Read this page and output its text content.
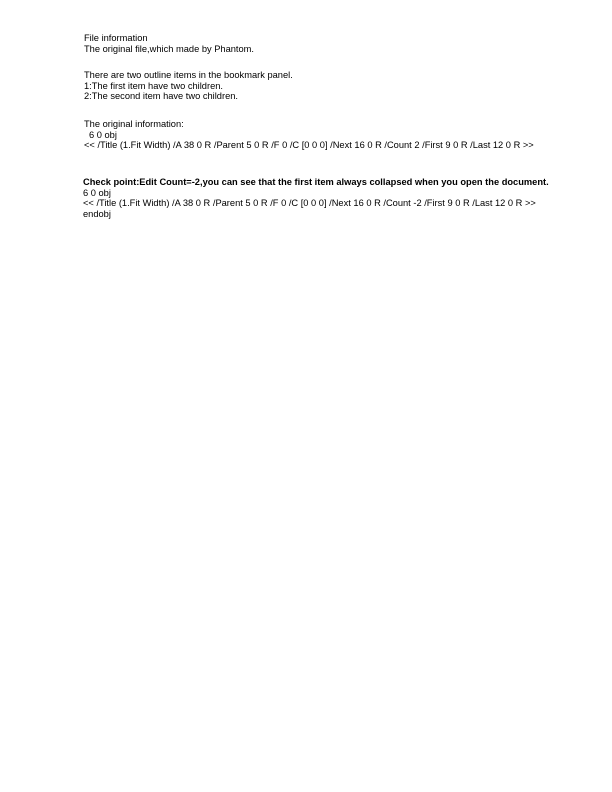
File information
The original file,which made by Phantom.
There are two outline items in the bookmark panel.
1:The first item have two children.
2:The second item have two children.
The original information:
6 0 obj
<< /Title (1.Fit Width) /A 38 0 R /Parent 5 0 R /F 0 /C [0 0 0] /Next 16 0 R /Count 2 /First 9 0 R /Last 12 0 R >>
Check point:Edit Count=-2,you can see that the first item always collapsed when you open the document.
6 0 obj
<< /Title (1.Fit Width) /A 38 0 R /Parent 5 0 R /F 0 /C [0 0 0] /Next 16 0 R /Count -2 /First 9 0 R /Last 12 0 R >>
endobj
